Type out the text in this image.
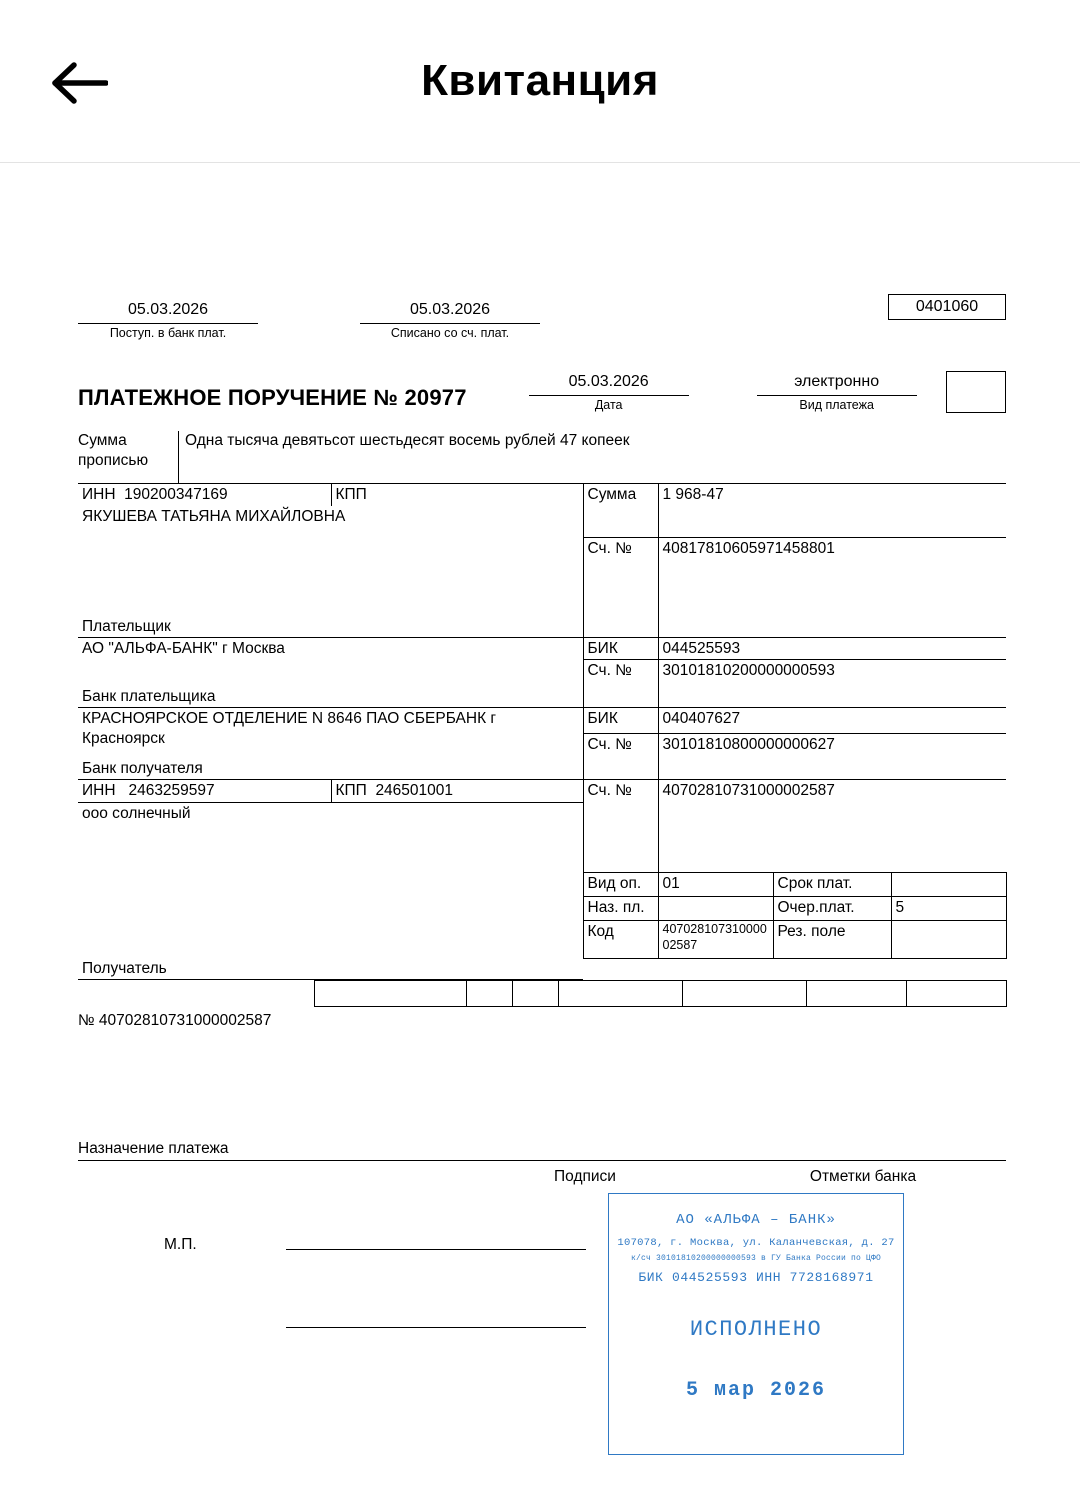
Квитанция
05.03.2026
Поступ. в банк плат.
05.03.2026
Списано со сч. плат.
0401060
ПЛАТЕЖНОЕ ПОРУЧЕНИЕ № 20977
05.03.2026
Дата
электронно
Вид платежа
Сумма
прописью
Одна тысяча девятьсот шестьдесят восемь рублей 47 копеек
ИНН 190200347169	КПП	Сумма	1 968-47		
ЯКУШЕВА ТАТЬЯНА МИХАЙЛОВНА					
		Сч. №	40817810605971458801		
Плательщик					
АО "АЛЬФА-БАНК" г Москва		БИК	044525593		
		Сч. №	30101810200000000593		
Банк плательщика					
КРАСНОЯРСКОЕ ОТДЕЛЕНИЕ N 8646 ПАО СБЕРБАНК г Красноярск		БИК	040407627		
		Сч. №	30101810800000000627		
Банк получателя					
ИНН 2463259597	КПП 246501001	Сч. №	40702810731000002587		
ооо солнечный					
		Вид оп.	01	Срок плат.	
		Наз. пл.		Очер.плат.	5
		Код	40702810731000002587	Рез. поле	
Получатель					

№ 40702810731000002587
Назначение платежа
Подписи	Отметки банка
М.П.
АО «АЛЬФА – БАНК»
107078, г. Москва, ул. Каланчевская, д. 27
к/сч 30101810200000000593 в ГУ Банка России по ЦФО
БИК 044525593 ИНН 7728168971
ИСПОЛНЕНО
5 мар 2026
